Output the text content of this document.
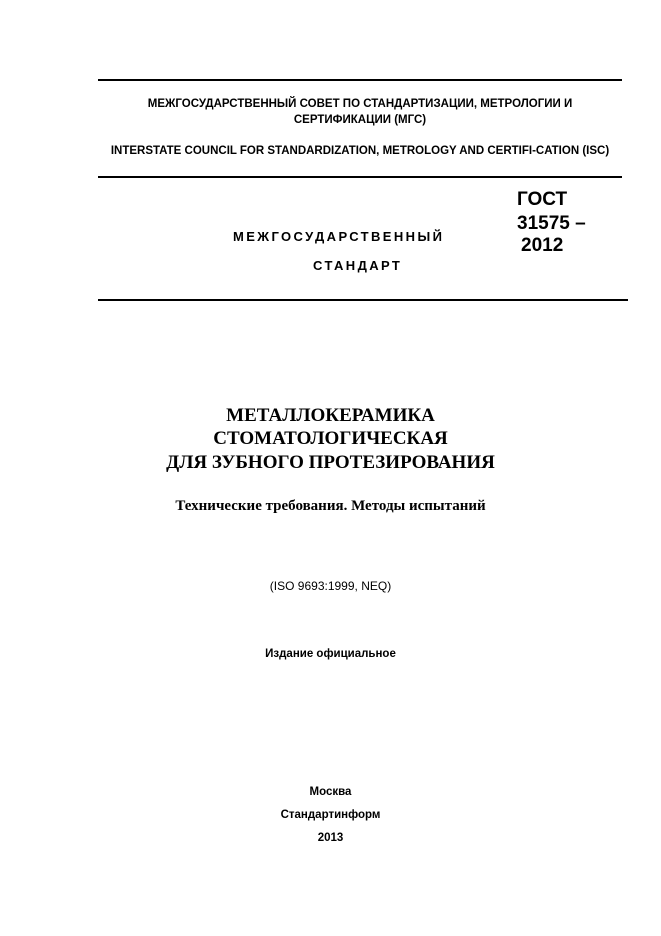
МЕЖГОСУДАРСТВЕННЫЙ СОВЕТ ПО СТАНДАРТИЗАЦИИ, МЕТРОЛОГИИ И СЕРТИФИКАЦИИ (МГС)
INTERSTATE COUNCIL FOR STANDARDIZATION, METROLOGY AND CERTIFI-CATION (ISC)
МЕЖГОСУДАРСТВЕННЫЙ
СТАНДАРТ
ГОСТ
31575 –
2012
МЕТАЛЛОКЕРАМИКА
СТОМАТОЛОГИЧЕСКАЯ
ДЛЯ ЗУБНОГО ПРОТЕЗИРОВАНИЯ
Технические требования. Методы испытаний
(ISO 9693:1999, NEQ)
Издание официальное
Москва
Стандартинформ
2013
